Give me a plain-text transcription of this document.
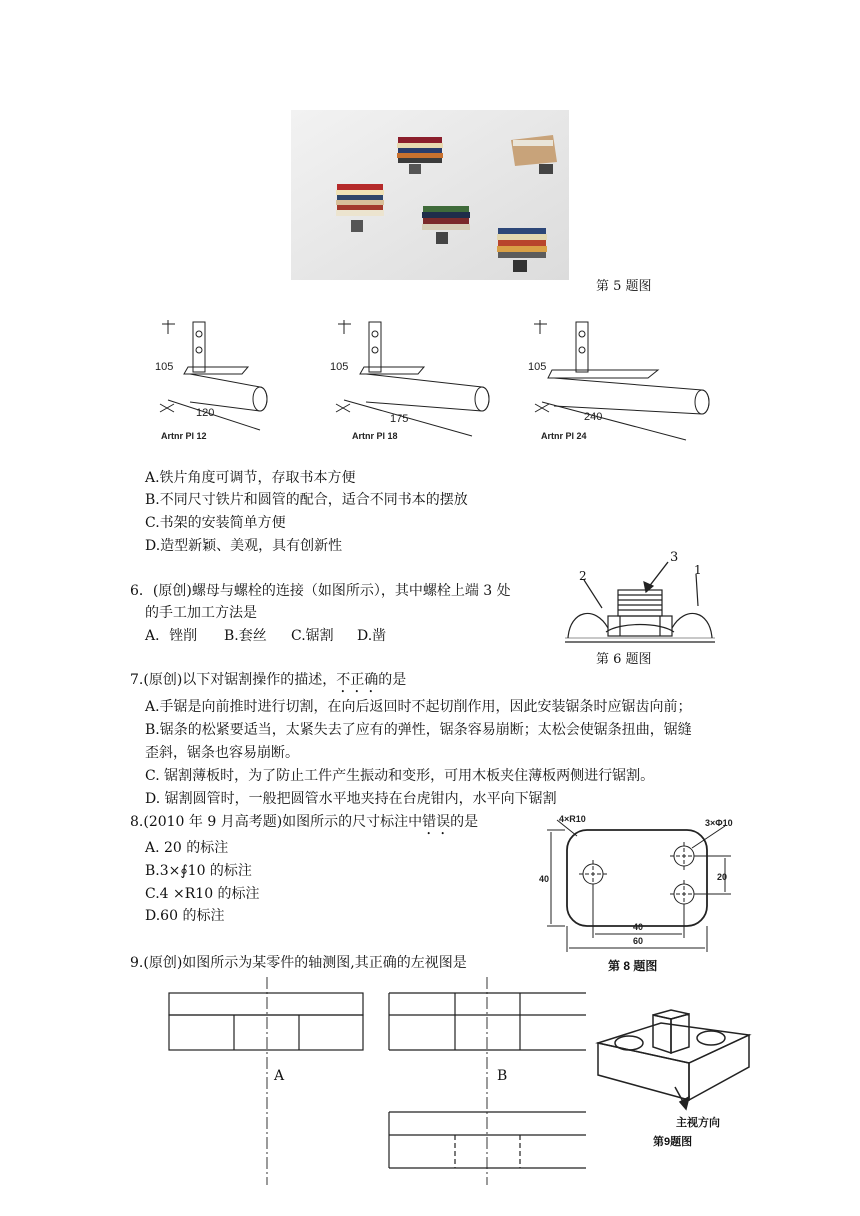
第 5 题图
105
120
Artnr Pl 12
105
175
Artnr Pl 18
105
240
Artnr Pl 24
A.铁片角度可调节，存取书本方便
B.不同尺寸铁片和圆管的配合，适合不同书本的摆放
C.书架的安装简单方便
D.造型新颖、美观，具有创新性
6．(原创)螺母与螺栓的连接（如图所示），其中螺栓上端 3 处
的手工加工方法是
A．锉削 B.套丝 C.锯割 D.凿
3
2	1
第 6 题图
7.(原创)以下对锯割操作的描述，不正确的是
A.手锯是向前推时进行切割，在向后返回时不起切削作用，因此安装锯条时应锯齿向前；
B.锯条的松紧要适当，太紧失去了应有的弹性，锯条容易崩断；太松会使锯条扭曲，锯缝
歪斜，锯条也容易崩断。
C. 锯割薄板时，为了防止工件产生振动和变形，可用木板夹住薄板两侧进行锯割。
D. 锯割圆管时，一般把圆管水平地夹持在台虎钳内，水平向下锯割
8.(2010 年 9 月高考题)如图所示的尺寸标注中错误的是
A. 20 的标注
B.3×∮10 的标注
C.4 ×R10 的标注
D.60 的标注
4×R10	3×Φ10
40	20
40
60
第 8 题图
9.(原创)如图所示为某零件的轴测图,其正确的左视图是
A	B
主视方向
第9题图
